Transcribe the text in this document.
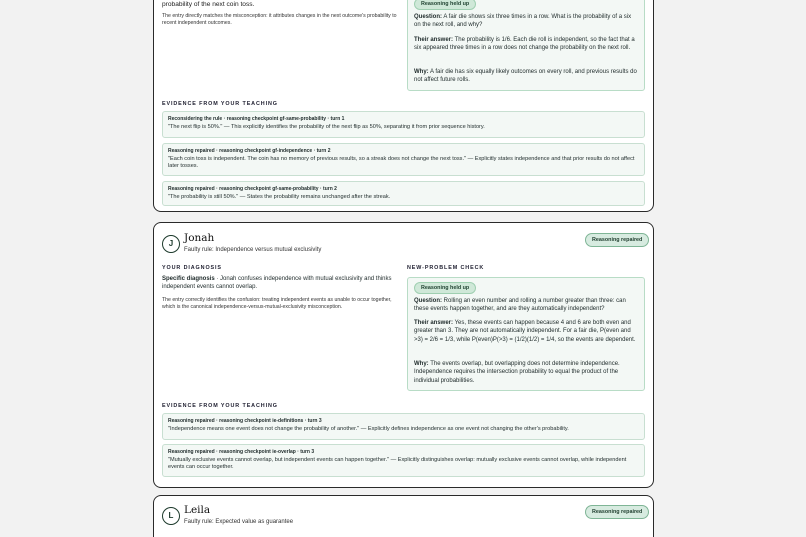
probability of the next coin toss.
The entry directly matches the misconception: it attributes changes in the next outcome's probability to recent independent outcomes.
Reasoning held up
Question: A fair die shows six three times in a row. What is the probability of a six on the next roll, and why?
Their answer: The probability is 1/6. Each die roll is independent, so the fact that a six appeared three times in a row does not change the probability on the next roll.
Why: A fair die has six equally likely outcomes on every roll, and previous results do not affect future rolls.
EVIDENCE FROM YOUR TEACHING
Reconsidering the rule · reasoning checkpoint gf-same-probability · turn 1
"The next flip is 50%." — This explicitly identifies the probability of the next flip as 50%, separating it from prior sequence history.
Reasoning repaired · reasoning checkpoint gf-independence · turn 2
"Each coin toss is independent. The coin has no memory of previous results, so a streak does not change the next toss." — Explicitly states independence and that prior results do not affect later tosses.
Reasoning repaired · reasoning checkpoint gf-same-probability · turn 2
"The probability is still 50%." — States the probability remains unchanged after the streak.
J	Jonah
Faulty rule: Independence versus mutual exclusivity
Reasoning repaired
YOUR DIAGNOSIS
Specific diagnosis · Jonah confuses independence with mutual exclusivity and thinks independent events cannot overlap.
The entry correctly identifies the confusion: treating independent events as unable to occur together, which is the canonical independence-versus-mutual-exclusivity misconception.
NEW-PROBLEM CHECK
Reasoning held up
Question: Rolling an even number and rolling a number greater than three: can these events happen together, and are they automatically independent?
Their answer: Yes, these events can happen because 4 and 6 are both even and greater than 3. They are not automatically independent. For a fair die, P(even and >3) = 2/6 = 1/3, while P(even)P(>3) = (1/2)(1/2) = 1/4, so the events are dependent.
Why: The events overlap, but overlapping does not determine independence. Independence requires the intersection probability to equal the product of the individual probabilities.
EVIDENCE FROM YOUR TEACHING
Reasoning repaired · reasoning checkpoint ie-definitions · turn 3
"Independence means one event does not change the probability of another." — Explicitly defines independence as one event not changing the other's probability.
Reasoning repaired · reasoning checkpoint ie-overlap · turn 3
"Mutually exclusive events cannot overlap, but independent events can happen together." — Explicitly distinguishes overlap: mutually exclusive events cannot overlap, while independent events can occur together.
L	Leila
Faulty rule: Expected value as guarantee
Reasoning repaired
